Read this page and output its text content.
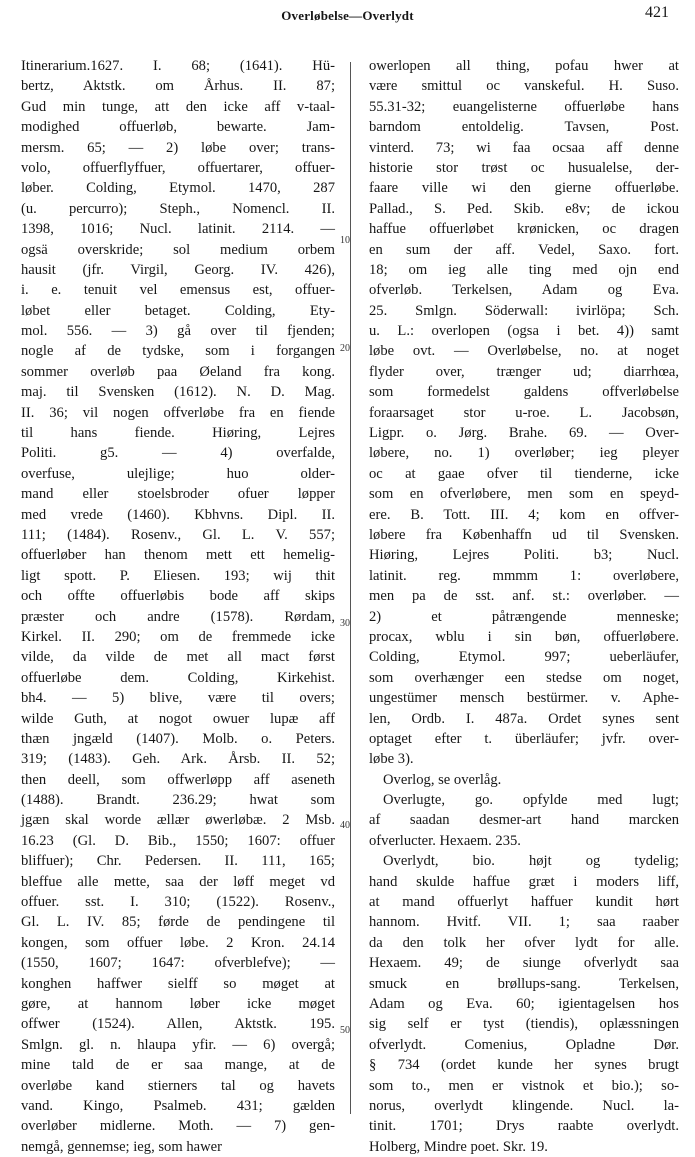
Overløbelse—Overlydt	421
10
20
30
40
50
Itinerarium.1627. I. 68; (1641). Hü-
bertz, Aktstk. om Århus. II. 87;
Gud min tunge, att den icke aff v-taal-
modighed offuerløb, bewarte. Jam-
mersm. 65; — 2) løbe over; trans-
volo, offuerflyffuer, offuertarer, offuer-
løber. Colding, Etymol. 1470, 287
(u. percurro); Steph., Nomencl. II.
1398, 1016; Nucl. latinit. 2114. —
ogsä overskride; sol medium orbem
hausit (jfr. Virgil, Georg. IV. 426),
i. e. tenuit vel emensus est, offuer-
løbet eller betaget. Colding, Ety-
mol. 556. — 3) gå over til fjenden;
nogle af de tydske, som i forgangen
sommer overløb paa Øeland fra kong.
maj. til Svensken (1612). N. D. Mag.
II. 36; vil nogen offverløbe fra en fiende
til hans fiende. Hiøring, Lejres
Politi. g5. — 4) overfalde,
overfuse, ulejlige; huo older-
mand eller stoelsbroder ofuer løpper
med vrede (1460). Kbhvns. Dipl. II.
111; (1484). Rosenv., Gl. L. V. 557;
offuerløber han thenom mett ett hemelig-
ligt spott. P. Eliesen. 193; wij thit
och offte offuerløbis bode aff skips
præster och andre (1578). Rørdam,
Kirkel. II. 290; om de fremmede icke
vilde, da vilde de met all mact først
offuerløbe dem. Colding, Kirkehist.
bh4. — 5) blive, være til overs;
wilde Guth, at nogot owuer lupæ aff
thæn jngæld (1407). Molb. o. Peters.
319; (1483). Geh. Ark. Årsb. II. 52;
then deell, som offwerløpp aff aseneth
(1488). Brandt. 236.29; hwat som
jgæn skal worde ællær øwerløbæ. 2 Msb.
16.23 (Gl. D. Bib., 1550; 1607: offuer
bliffuer); Chr. Pedersen. II. 111, 165;
bleffue alle mette, saa der løff meget vd
offuer. sst. I. 310; (1522). Rosenv.,
Gl. L. IV. 85; førde de pendingene til
kongen, som offuer løbe. 2 Kron. 24.14
(1550, 1607; 1647: ofverblefve); —
konghen haffwer sielff so møget at
gøre, at hannom løber icke møget
offwer (1524). Allen, Aktstk. 195.
Smlgn. gl. n. hlaupa yfir. — 6) overgå;
mine tald de er saa mange, at de
overløbe kand stierners tal og havets
vand. Kingo, Psalmeb. 431; gælden
overløber midlerne. Moth. — 7) gen-
nemgå, gennemse; ieg, som hawer
owerlopen all thing, pofau hwer at
være smittul oc vanskeful. H. Suso.
55.31-32; euangelisterne offuerløbe hans
barndom entoldelig. Tavsen, Post.
vinterd. 73; wi faa ocsaa aff denne
historie stor trøst oc husualelse, der-
faare ville wi den gierne offuerløbe.
Pallad., S. Ped. Skib. e8v; de ickou
haffue offuerløbet krønicken, oc dragen
en sum der aff. Vedel, Saxo. fort.
18; om ieg alle ting med ojn end
ofverløb. Terkelsen, Adam og Eva.
25. Smlgn. Söderwall: ivirlöpa; Sch.
u. L.: overlopen (ogsa i bet. 4)) samt
løbe ovt. — Overløbelse, no. at noget
flyder over, trænger ud; diarrhœa,
som formedelst galdens offverløbelse
foraarsaget stor u-roe. L. Jacobsøn,
Ligpr. o. Jørg. Brahe. 69. — Over-
løbere, no. 1) overløber; ieg pleyer
oc at gaae ofver til tienderne, icke
som en ofverløbere, men som en speyd-
ere. B. Tott. III. 4; kom en offver-
løbere fra Københaffn ud til Svensken.
Hiøring, Lejres Politi. b3; Nucl.
latinit. reg. mmmm 1: overløbere,
men pa de sst. anf. st.: overløber. —
2) et påtrængende menneske;
procax, wblu i sin bøn, offuerløbere.
Colding, Etymol. 997; ueberläufer,
som overhænger een stedse om noget,
ungestümer mensch bestürmer. v. Aphe-
len, Ordb. I. 487a. Ordet synes sent
optaget efter t. überläufer; jvfr. over-
løbe 3).
Overlog, se overlåg.
Overlugte, go. opfylde med lugt;
af saadan desmer-art hand marcken
ofverlucter. Hexaem. 235.
Overlydt, bio. højt og tydelig;
hand skulde haffue græt i moders liff,
at mand offuerlyt haffuer kundit hørt
hannom. Hvitf. VII. 1; saa raaber
da den tolk her ofver lydt for alle.
Hexaem. 49; de siunge ofverlydt saa
smuck en brøllups-sang. Terkelsen,
Adam og Eva. 60; igientagelsen hos
sig self er tyst (tiendis), oplæssningen
ofverlydt. Comenius, Opladne Dør.
§ 734 (ordet kunde her synes brugt
som to., men er vistnok et bio.); so-
norus, overlydt klingende. Nucl. la-
tinit. 1701; Drys raabte overlydt.
Holberg, Mindre poet. Skr. 19.
